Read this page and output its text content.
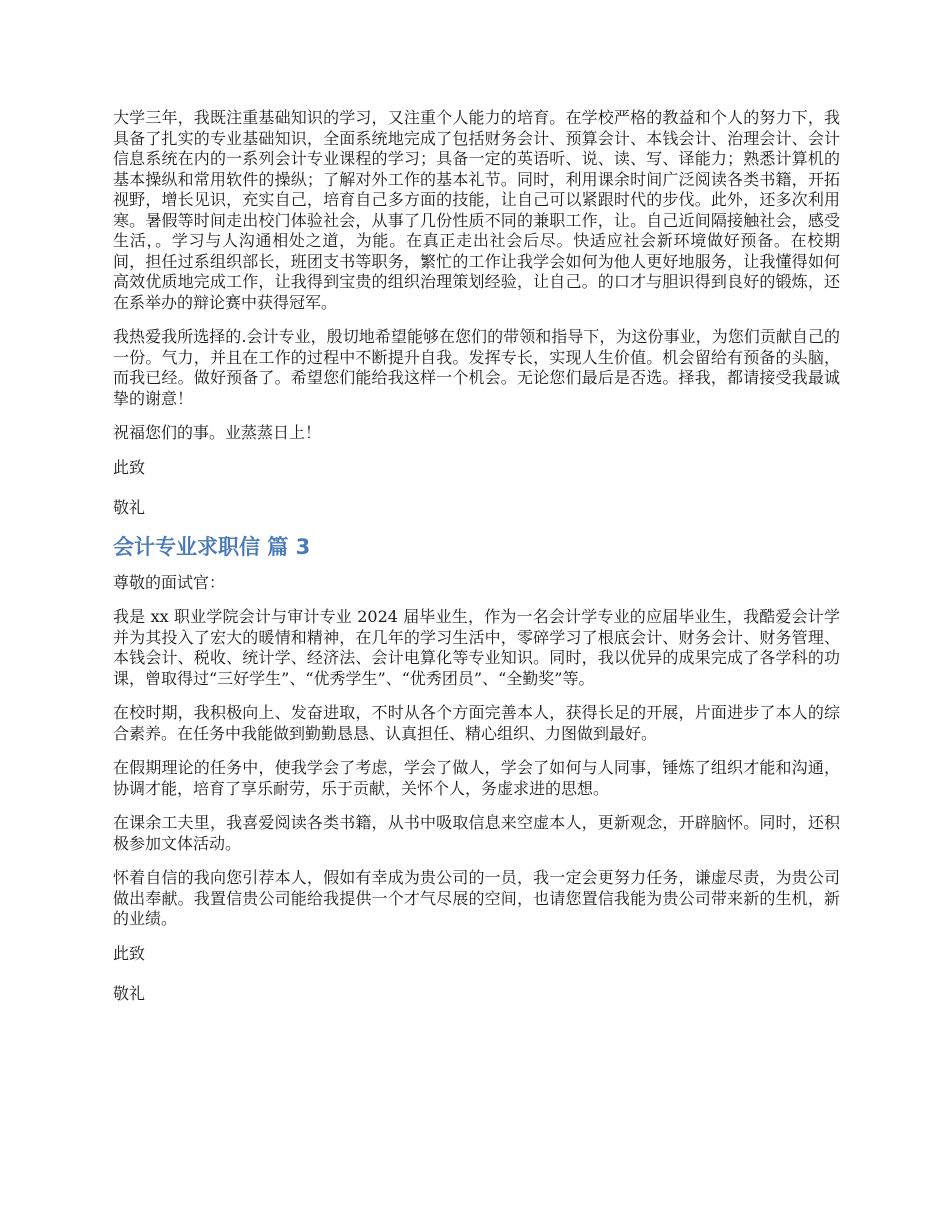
大学三年，我既注重基础知识的学习，又注重个人能力的培育。在学校严格的教益和个人的努力下，我具备了扎实的专业基础知识，全面系统地完成了包括财务会计、预算会计、本钱会计、治理会计、会计信息系统在内的一系列会计专业课程的学习；具备一定的英语听、说、读、写、译能力；熟悉计算机的基本操纵和常用软件的操纵；了解对外工作的基本礼节。同时，利用课余时间广泛阅读各类书籍，开拓视野，增长见识，充实自己，培育自己多方面的技能，让自己可以紧跟时代的步伐。此外，还多次利用寒。暑假等时间走出校门体验社会，从事了几份性质不同的兼职工作，让。自己近间隔接触社会，感受生活，。学习与人沟通相处之道，为能。在真正走出社会后尽。快适应社会新环境做好预备。在校期间，担任过系组织部长，班团支书等职务，繁忙的工作让我学会如何为他人更好地服务，让我懂得如何高效优质地完成工作，让我得到宝贵的组织治理策划经验，让自己。的口才与胆识得到良好的锻炼，还在系举办的辩论赛中获得冠军。

我热爱我所选择的.会计专业，殷切地希望能够在您们的带领和指导下，为这份事业，为您们贡献自己的一份。气力，并且在工作的过程中不断提升自我。发挥专长，实现人生价值。机会留给有预备的头脑，而我已经。做好预备了。希望您们能给我这样一个机会。无论您们最后是否选。择我，都请接受我最诚挚的谢意！

祝福您们的事。业蒸蒸日上！

此致

敬礼

会计专业求职信 篇 3

尊敬的面试官：

我是 xx 职业学院会计与审计专业 2024 届毕业生，作为一名会计学专业的应届毕业生，我酷爱会计学并为其投入了宏大的暖情和精神，在几年的学习生活中，零碎学习了根底会计、财务会计、财务管理、本钱会计、税收、统计学、经济法、会计电算化等专业知识。同时，我以优异的成果完成了各学科的功课，曾取得过“三好学生”、“优秀学生”、“优秀团员”、“全勤奖”等。

在校时期，我积极向上、发奋进取，不时从各个方面完善本人，获得长足的开展，片面进步了本人的综合素养。在任务中我能做到勤勤恳恳、认真担任、精心组织、力图做到最好。

在假期理论的任务中，使我学会了考虑，学会了做人，学会了如何与人同事，锤炼了组织才能和沟通，协调才能，培育了享乐耐劳，乐于贡献，关怀个人，务虚求进的思想。

在课余工夫里，我喜爱阅读各类书籍，从书中吸取信息来空虚本人，更新观念，开辟脑怀。同时，还积极参加文体活动。

怀着自信的我向您引荐本人，假如有幸成为贵公司的一员，我一定会更努力任务，谦虚尽责，为贵公司做出奉献。我置信贵公司能给我提供一个才气尽展的空间，也请您置信我能为贵公司带来新的生机，新的业绩。

此致

敬礼
